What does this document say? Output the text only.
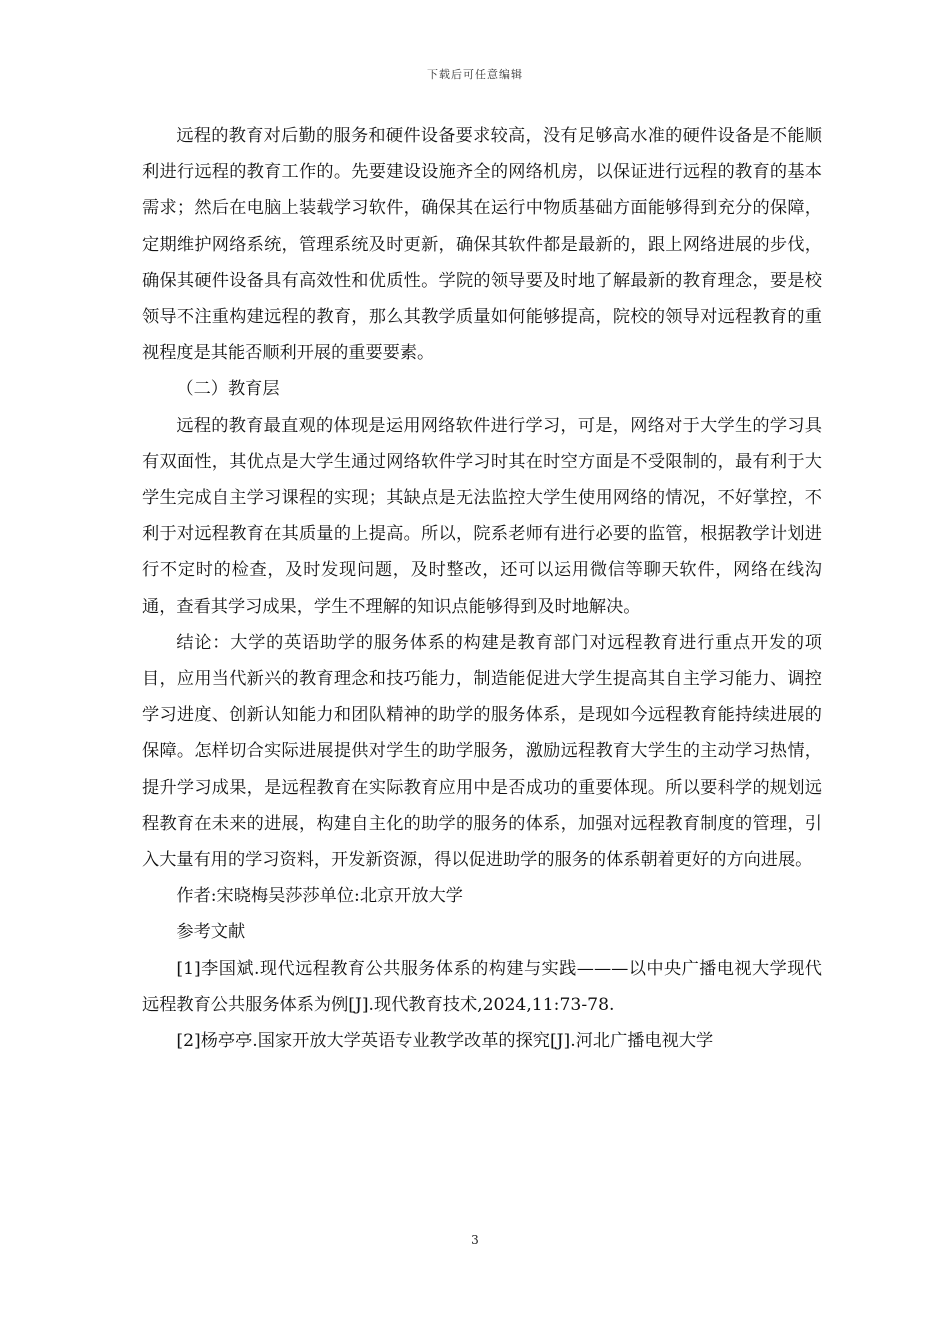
下载后可任意编辑

远程的教育对后勤的服务和硬件设备要求较高，没有足够高水准的硬件设备是不能顺利进行远程的教育工作的。先要建设设施齐全的网络机房，以保证进行远程的教育的基本需求；然后在电脑上装载学习软件，确保其在运行中物质基础方面能够得到充分的保障，定期维护网络系统，管理系统及时更新，确保其软件都是最新的，跟上网络进展的步伐，确保其硬件设备具有高效性和优质性。学院的领导要及时地了解最新的教育理念，要是校领导不注重构建远程的教育，那么其教学质量如何能够提高，院校的领导对远程教育的重视程度是其能否顺利开展的重要要素。

（二）教育层

远程的教育最直观的体现是运用网络软件进行学习，可是，网络对于大学生的学习具有双面性，其优点是大学生通过网络软件学习时其在时空方面是不受限制的，最有利于大学生完成自主学习课程的实现；其缺点是无法监控大学生使用网络的情况，不好掌控，不利于对远程教育在其质量的上提高。所以，院系老师有进行必要的监管，根据教学计划进行不定时的检查，及时发现问题，及时整改，还可以运用微信等聊天软件，网络在线沟通，查看其学习成果，学生不理解的知识点能够得到及时地解决。

结论：大学的英语助学的服务体系的构建是教育部门对远程教育进行重点开发的项目，应用当代新兴的教育理念和技巧能力，制造能促进大学生提高其自主学习能力、调控学习进度、创新认知能力和团队精神的助学的服务体系，是现如今远程教育能持续进展的保障。怎样切合实际进展提供对学生的助学服务，激励远程教育大学生的主动学习热情，提升学习成果，是远程教育在实际教育应用中是否成功的重要体现。所以要科学的规划远程教育在未来的进展，构建自主化的助学的服务的体系，加强对远程教育制度的管理，引入大量有用的学习资料，开发新资源，得以促进助学的服务的体系朝着更好的方向进展。

作者:宋晓梅吴莎莎单位:北京开放大学

参考文献

[1]李国斌.现代远程教育公共服务体系的构建与实践———以中央广播电视大学现代远程教育公共服务体系为例[J].现代教育技术,2024,11:73-78.

[2]杨亭亭.国家开放大学英语专业教学改革的探究[J].河北广播电视大学

3
